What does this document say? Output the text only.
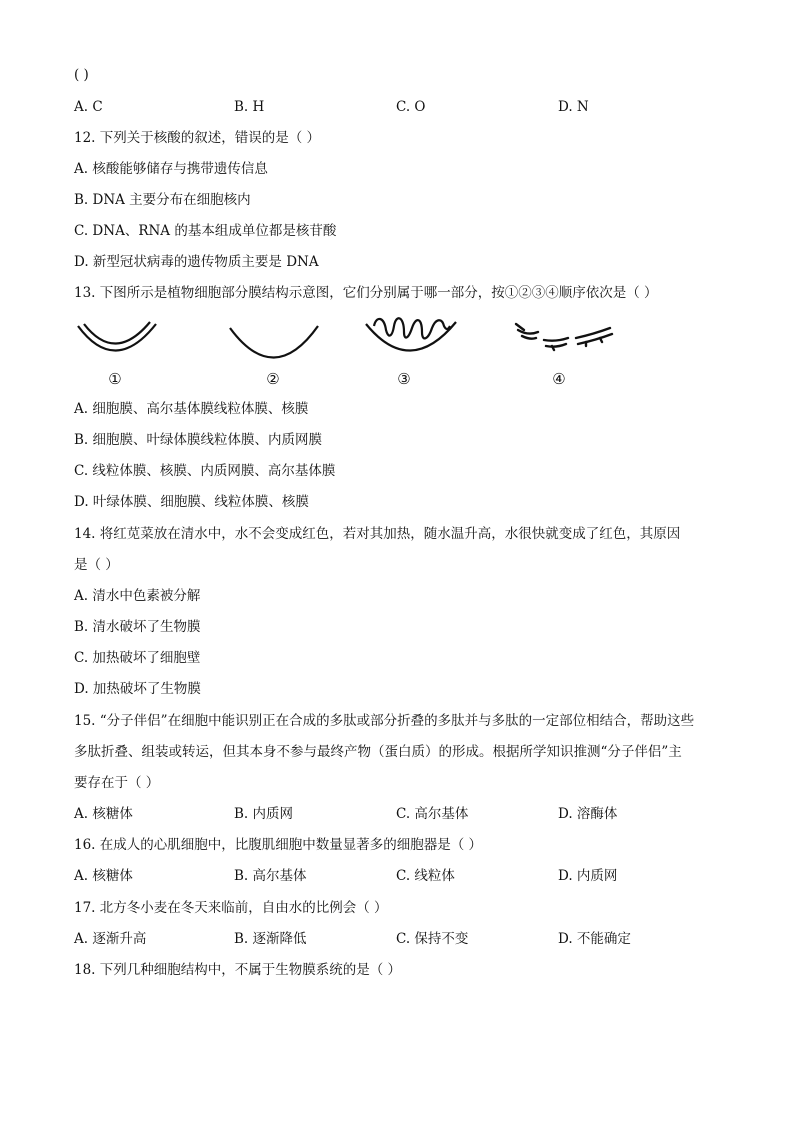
( )
A. C	B. H	C. O	D. N
12. 下列关于核酸的叙述，错误的是（ ）
A. 核酸能够储存与携带遗传信息
B. DNA 主要分布在细胞核内
C. DNA、RNA 的基本组成单位都是核苷酸
D. 新型冠状病毒的遗传物质主要是 DNA
13. 下图所示是植物细胞部分膜结构示意图，它们分别属于哪一部分，按①②③④顺序依次是（ ）
①	②	③	④
A. 细胞膜、高尔基体膜线粒体膜、核膜
B. 细胞膜、叶绿体膜线粒体膜、内质网膜
C. 线粒体膜、核膜、内质网膜、高尔基体膜
D. 叶绿体膜、细胞膜、线粒体膜、核膜
14. 将红苋菜放在清水中，水不会变成红色，若对其加热，随水温升高，水很快就变成了红色，其原因
是（ ）
A. 清水中色素被分解
B. 清水破坏了生物膜
C. 加热破坏了细胞壁
D. 加热破坏了生物膜
15. “分子伴侣”在细胞中能识别正在合成的多肽或部分折叠的多肽并与多肽的一定部位相结合，帮助这些
多肽折叠、组装或转运，但其本身不参与最终产物（蛋白质）的形成。根据所学知识推测“分子伴侣”主
要存在于（ ）
A. 核糖体	B. 内质网	C. 高尔基体	D. 溶酶体
16. 在成人的心肌细胞中，比腹肌细胞中数量显著多的细胞器是（ ）
A. 核糖体	B. 高尔基体	C. 线粒体	D. 内质网
17. 北方冬小麦在冬天来临前，自由水的比例会（ ）
A. 逐渐升高	B. 逐渐降低	C. 保持不变	D. 不能确定
18. 下列几种细胞结构中，不属于生物膜系统的是（ ）
